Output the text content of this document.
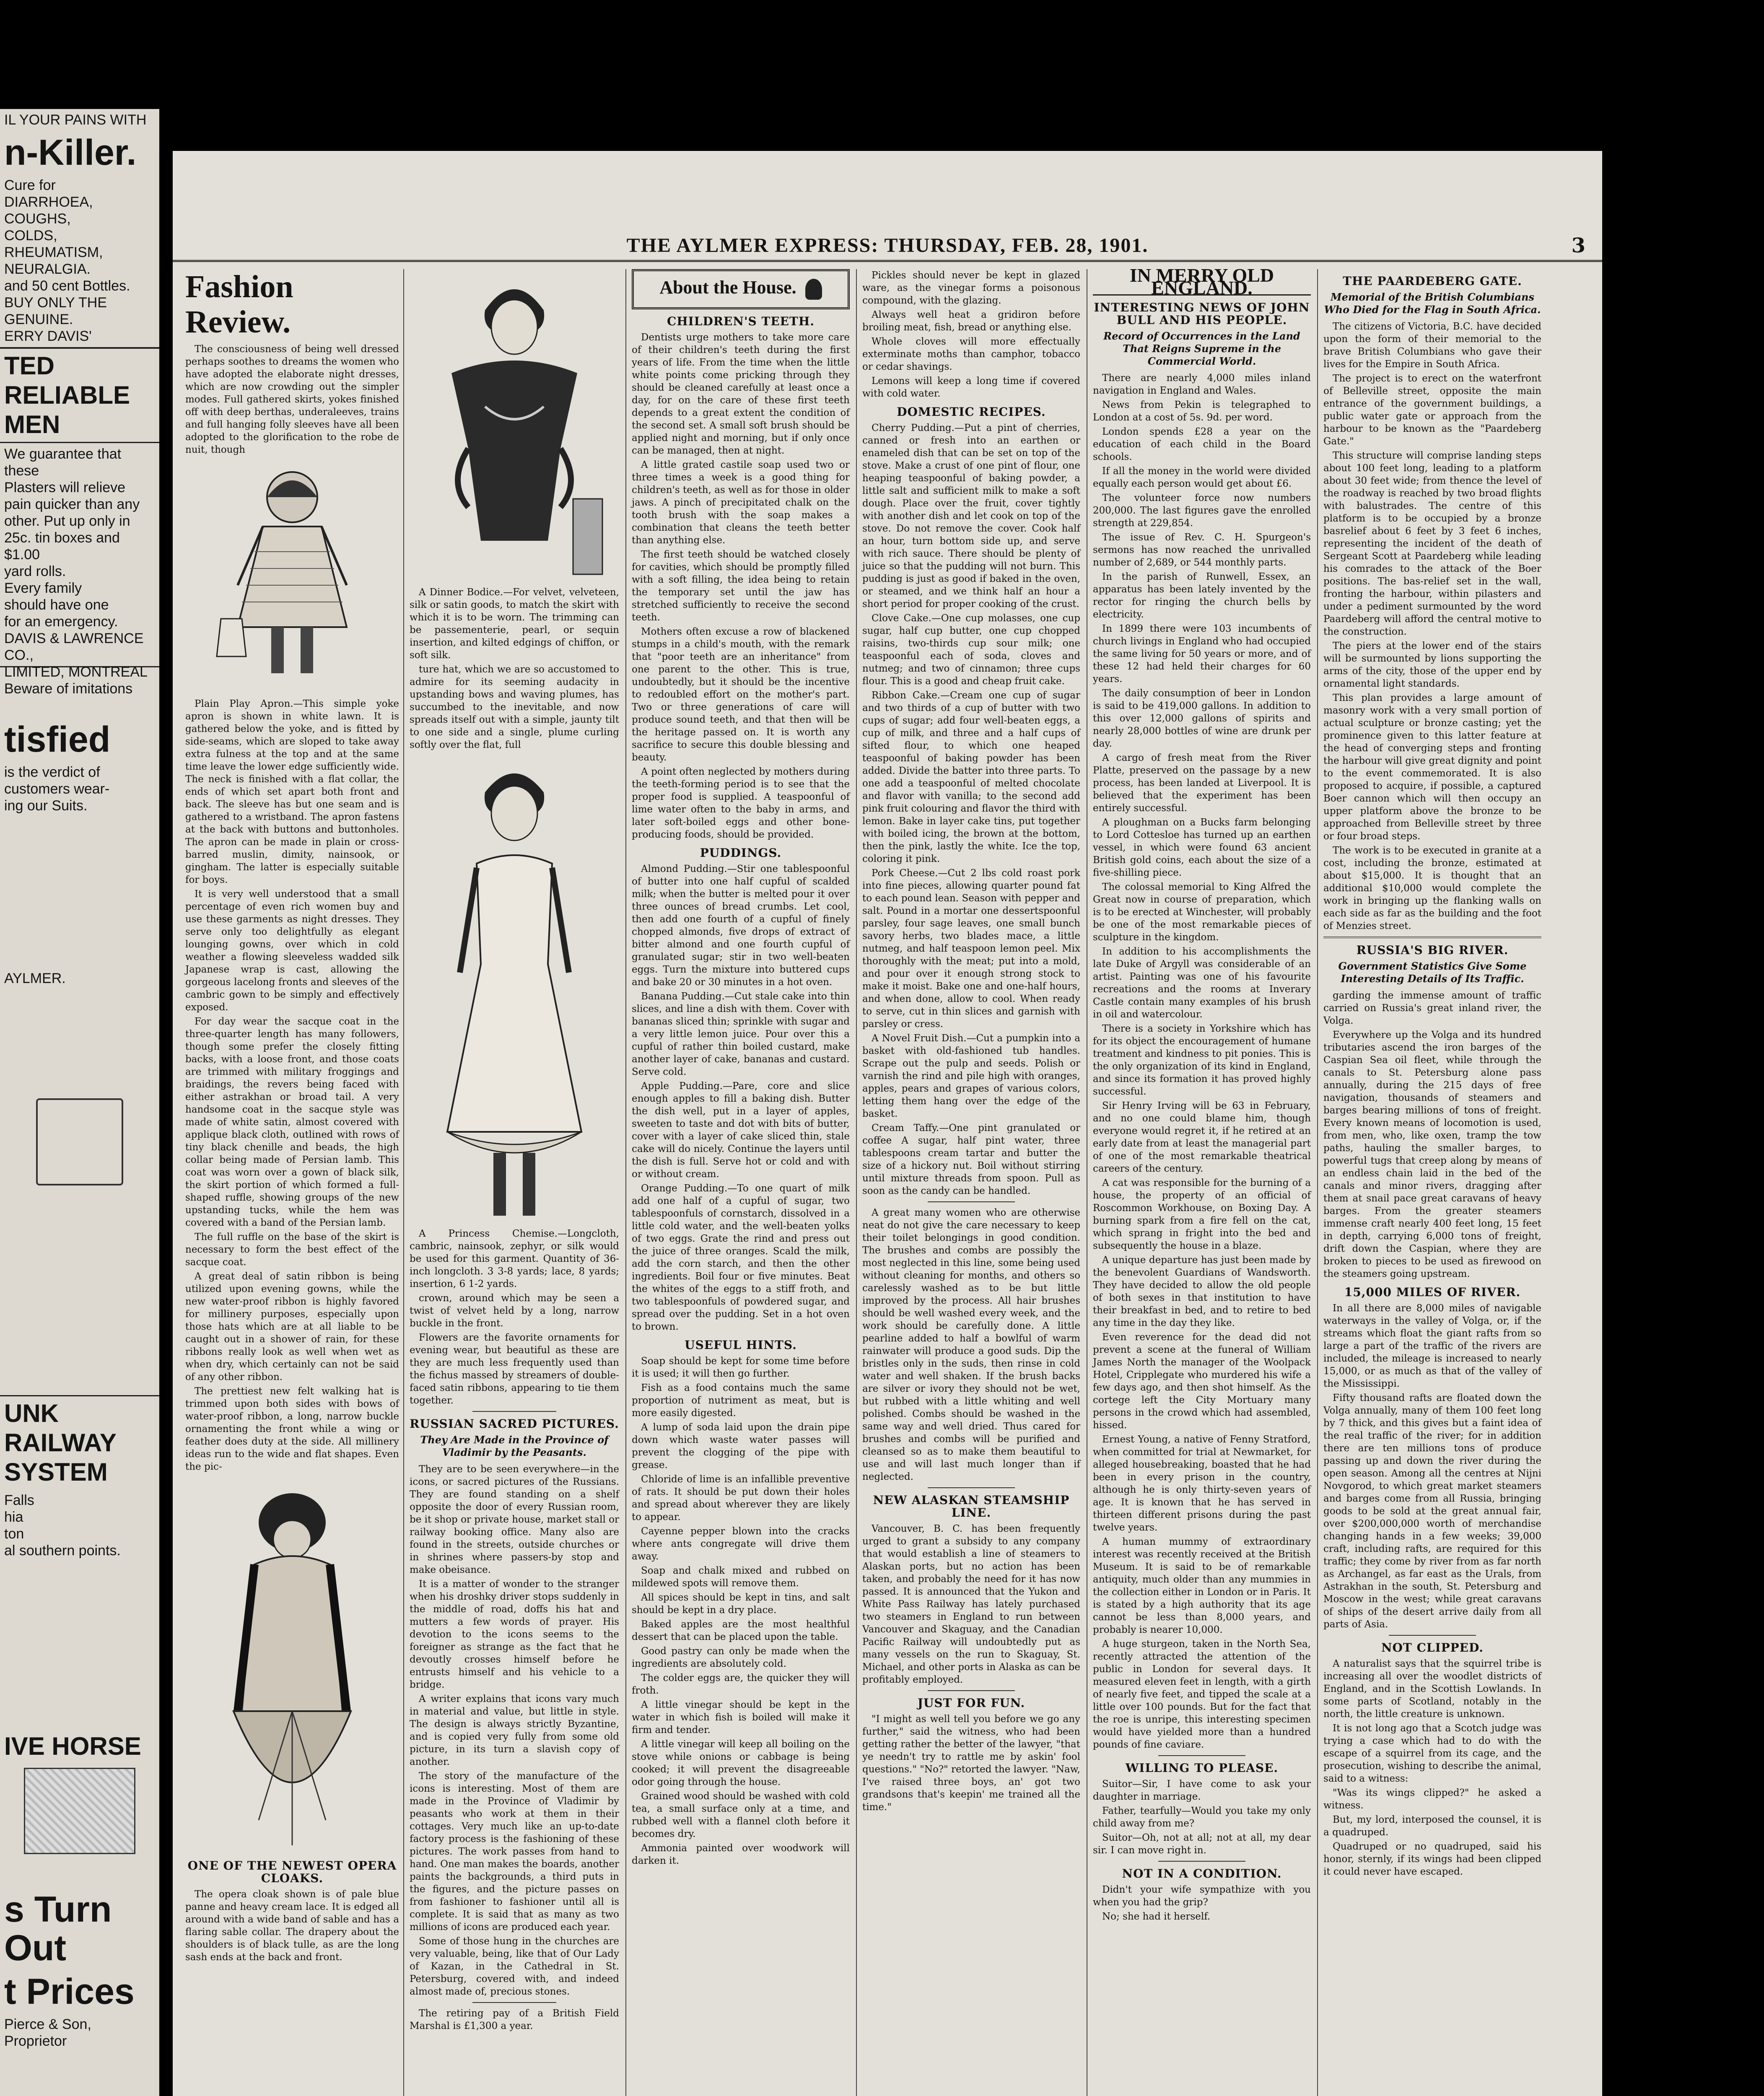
IL YOUR PAINS WITH
n-Killer.
Cure for
DIARRHOEA, COUGHS,
COLDS, RHEUMATISM,
NEURALGIA.
and 50 cent Bottles.
BUY ONLY THE GENUINE.
ERRY DAVIS'
TED RELIABLE MEN
We guarantee that these
Plasters will relieve
pain quicker than any
other. Put up only in
25c. tin boxes and $1.00
yard rolls.
Every family
should have one
for an emergency.
DAVIS & LAWRENCE CO.,
LIMITED, MONTREAL
Beware of imitations
tisfied
is the verdict of
customers wear-
ing our Suits.
AYLMER.
UNK RAILWAY SYSTEM
Falls
hia
ton
al southern points.
IVE HORSE
s Turn Out
t Prices
Pierce & Son,
Proprietor
THE AYLMER EXPRESS: THURSDAY, FEB. 28, 1901.	3
Fashion Review.

The consciousness of being well dressed perhaps soothes to dreams the women who have adopted the elaborate night dresses, which are now crowding out the simpler modes. Full gathered skirts, yokes finished off with deep berthas, underaleeves, trains and full hanging folly sleeves have all been adopted to the glorification to the robe de nuit, though

Plain Play Apron.—This simple yoke apron is shown in white lawn. It is gathered below the yoke, and is fitted by side-seams, which are sloped to take away extra fulness at the top and at the same time leave the lower edge sufficiently wide. The neck is finished with a flat collar, the ends of which set apart both front and back. The sleeve has but one seam and is gathered to a wristband. The apron fastens at the back with buttons and buttonholes. The apron can be made in plain or cross-barred muslin, dimity, nainsook, or gingham. The latter is especially suitable for boys.

It is very well understood that a small percentage of even rich women buy and use these garments as night dresses. They serve only too delightfully as elegant lounging gowns, over which in cold weather a flowing sleeveless wadded silk Japanese wrap is cast, allowing the gorgeous lacelong fronts and sleeves of the cambric gown to be simply and effectively exposed.

For day wear the sacque coat in the three-quarter length has many followers, though some prefer the closely fitting backs, with a loose front, and those coats are trimmed with military froggings and braidings, the revers being faced with either astrakhan or broad tail. A very handsome coat in the sacque style was made of white satin, almost covered with applique black cloth, outlined with rows of tiny black chenille and beads, the high collar being made of Persian lamb. This coat was worn over a gown of black silk, the skirt portion of which formed a full-shaped ruffle, showing groups of the new upstanding tucks, while the hem was covered with a band of the Persian lamb.

The full ruffle on the base of the skirt is necessary to form the best effect of the sacque coat.

A great deal of satin ribbon is being utilized upon evening gowns, while the new water-proof ribbon is highly favored for millinery purposes, especially upon those hats which are at all liable to be caught out in a shower of rain, for these ribbons really look as well when wet as when dry, which certainly can not be said of any other ribbon.

The prettiest new felt walking hat is trimmed upon both sides with bows of water-proof ribbon, a long, narrow buckle ornamenting the front while a wing or feather does duty at the side. All millinery ideas run to the wide and flat shapes. Even the pic-

ONE OF THE NEWEST OPERA CLOAKS.

The opera cloak shown is of pale blue panne and heavy cream lace. It is edged all around with a wide band of sable and has a flaring sable collar. The drapery about the shoulders is of black tulle, as are the long sash ends at the back and front.

A Dinner Bodice.—For velvet, velveteen, silk or satin goods, to match the skirt with which it is to be worn. The trimming can be passementerie, pearl, or sequin insertion, and kilted edgings of chiffon, or soft silk.

ture hat, which we are so accustomed to admire for its seeming audacity in upstanding bows and waving plumes, has succumbed to the inevitable, and now spreads itself out with a simple, jaunty tilt to one side and a single, plume curling softly over the flat, full

A Princess Chemise.—Longcloth, cambric, nainsook, zephyr, or silk would be used for this garment. Quantity of 36-inch longcloth. 3 3-8 yards; lace, 8 yards; insertion, 6 1-2 yards.

crown, around which may be seen a twist of velvet held by a long, narrow buckle in the front.

Flowers are the favorite ornaments for evening wear, but beautiful as these are they are much less frequently used than the fichus massed by streamers of double-faced satin ribbons, appearing to tie them together.

RUSSIAN SACRED PICTURES.
They Are Made in the Province of Vladimir by the Peasants.

They are to be seen everywhere—in the icons, or sacred pictures of the Russians. They are found standing on a shelf opposite the door of every Russian room, be it shop or private house, market stall or railway booking office. Many also are found in the streets, outside churches or in shrines where passers-by stop and make obeisance.

It is a matter of wonder to the stranger when his droshky driver stops suddenly in the middle of road, doffs his hat and mutters a few words of prayer. His devotion to the icons seems to the foreigner as strange as the fact that he devoutly crosses himself before he entrusts himself and his vehicle to a bridge.

A writer explains that icons vary much in material and value, but little in style. The design is always strictly Byzantine, and is copied very fully from some old picture, in its turn a slavish copy of another.

The story of the manufacture of the icons is interesting. Most of them are made in the Province of Vladimir by peasants who work at them in their cottages. Very much like an up-to-date factory process is the fashioning of these pictures. The work passes from hand to hand. One man makes the boards, another paints the backgrounds, a third puts in the figures, and the picture passes on from fashioner to fashioner until all is complete. It is said that as many as two millions of icons are produced each year.

Some of those hung in the churches are very valuable, being, like that of Our Lady of Kazan, in the Cathedral in St. Petersburg, covered with, and indeed almost made of, precious stones.

The retiring pay of a British Field Marshal is £1,300 a year.

About the House.
CHILDREN'S TEETH.

Dentists urge mothers to take more care of their children's teeth during the first years of life. From the time when the little white points come pricking through they should be cleaned carefully at least once a day, for on the care of these first teeth depends to a great extent the condition of the second set. A small soft brush should be applied night and morning, but if only once can be managed, then at night.

A little grated castile soap used two or three times a week is a good thing for children's teeth, as well as for those in older jaws. A pinch of precipitated chalk on the tooth brush with the soap makes a combination that cleans the teeth better than anything else.

The first teeth should be watched closely for cavities, which should be promptly filled with a soft filling, the idea being to retain the temporary set until the jaw has stretched sufficiently to receive the second teeth.

Mothers often excuse a row of blackened stumps in a child's mouth, with the remark that "poor teeth are an inheritance" from one parent to the other. This is true, undoubtedly, but it should be the incentive to redoubled effort on the mother's part. Two or three generations of care will produce sound teeth, and that then will be the heritage passed on. It is worth any sacrifice to secure this double blessing and beauty.

A point often neglected by mothers during the teeth-forming period is to see that the proper food is supplied. A teaspoonful of lime water often to the baby in arms, and later soft-boiled eggs and other bone-producing foods, should be provided.

PUDDINGS.

Almond Pudding.—Stir one tablespoonful of butter into one half cupful of scalded milk; when the butter is melted pour it over three ounces of bread crumbs. Let cool, then add one fourth of a cupful of finely chopped almonds, five drops of extract of bitter almond and one fourth cupful of granulated sugar; stir in two well-beaten eggs. Turn the mixture into buttered cups and bake 20 or 30 minutes in a hot oven.

Banana Pudding.—Cut stale cake into thin slices, and line a dish with them. Cover with bananas sliced thin; sprinkle with sugar and a very little lemon juice. Pour over this a cupful of rather thin boiled custard, make another layer of cake, bananas and custard. Serve cold.

Apple Pudding.—Pare, core and slice enough apples to fill a baking dish. Butter the dish well, put in a layer of apples, sweeten to taste and dot with bits of butter, cover with a layer of cake sliced thin, stale cake will do nicely. Continue the layers until the dish is full. Serve hot or cold and with or without cream.

Orange Pudding.—To one quart of milk add one half of a cupful of sugar, two tablespoonfuls of cornstarch, dissolved in a little cold water, and the well-beaten yolks of two eggs. Grate the rind and press out the juice of three oranges. Scald the milk, add the corn starch, and then the other ingredients. Boil four or five minutes. Beat the whites of the eggs to a stiff froth, and two tablespoonfuls of powdered sugar, and spread over the pudding. Set in a hot oven to brown.

USEFUL HINTS.

Soap should be kept for some time before it is used; it will then go further.

Fish as a food contains much the same proportion of nutriment as meat, but is more easily digested.

A lump of soda laid upon the drain pipe down which waste water passes will prevent the clogging of the pipe with grease.

Chloride of lime is an infallible preventive of rats. It should be put down their holes and spread about wherever they are likely to appear.

Cayenne pepper blown into the cracks where ants congregate will drive them away.

Soap and chalk mixed and rubbed on mildewed spots will remove them.

All spices should be kept in tins, and salt should be kept in a dry place.

Baked apples are the most healthful dessert that can be placed upon the table.

Good pastry can only be made when the ingredients are absolutely cold.

The colder eggs are, the quicker they will froth.

A little vinegar should be kept in the water in which fish is boiled will make it firm and tender.

A little vinegar will keep all boiling on the stove while onions or cabbage is being cooked; it will prevent the disagreeable odor going through the house.

Grained wood should be washed with cold tea, a small surface only at a time, and rubbed well with a flannel cloth before it becomes dry.

Ammonia painted over woodwork will darken it.

Pickles should never be kept in glazed ware, as the vinegar forms a poisonous compound, with the glazing.

Always well heat a gridiron before broiling meat, fish, bread or anything else.

Whole cloves will more effectually exterminate moths than camphor, tobacco or cedar shavings.

Lemons will keep a long time if covered with cold water.

DOMESTIC RECIPES.

Cherry Pudding.—Put a pint of cherries, canned or fresh into an earthen or enameled dish that can be set on top of the stove. Make a crust of one pint of flour, one heaping teaspoonful of baking powder, a little salt and sufficient milk to make a soft dough. Place over the fruit, cover tightly with another dish and let cook on top of the stove. Do not remove the cover. Cook half an hour, turn bottom side up, and serve with rich sauce. There should be plenty of juice so that the pudding will not burn. This pudding is just as good if baked in the oven, or steamed, and we think half an hour a short period for proper cooking of the crust.

Clove Cake.—One cup molasses, one cup sugar, half cup butter, one cup chopped raisins, two-thirds cup sour milk; one teaspoonful each of soda, cloves and nutmeg; and two of cinnamon; three cups flour. This is a good and cheap fruit cake.

Ribbon Cake.—Cream one cup of sugar and two thirds of a cup of butter with two cups of sugar; add four well-beaten eggs, a cup of milk, and three and a half cups of sifted flour, to which one heaped teaspoonful of baking powder has been added. Divide the batter into three parts. To one add a teaspoonful of melted chocolate and flavor with vanilla; to the second add pink fruit colouring and flavor the third with lemon. Bake in layer cake tins, put together with boiled icing, the brown at the bottom, then the pink, lastly the white. Ice the top, coloring it pink.

Pork Cheese.—Cut 2 lbs cold roast pork into fine pieces, allowing quarter pound fat to each pound lean. Season with pepper and salt. Pound in a mortar one dessertspoonful parsley, four sage leaves, one small bunch savory herbs, two blades mace, a little nutmeg, and half teaspoon lemon peel. Mix thoroughly with the meat; put into a mold, and pour over it enough strong stock to make it moist. Bake one and one-half hours, and when done, allow to cool. When ready to serve, cut in thin slices and garnish with parsley or cress.

A Novel Fruit Dish.—Cut a pumpkin into a basket with old-fashioned tub handles. Scrape out the pulp and seeds. Polish or varnish the rind and pile high with oranges, apples, pears and grapes of various colors, letting them hang over the edge of the basket.

Cream Taffy.—One pint granulated or coffee A sugar, half pint water, three tablespoons cream tartar and butter the size of a hickory nut. Boil without stirring until mixture threads from spoon. Pull as soon as the candy can be handled.

A great many women who are otherwise neat do not give the care necessary to keep their toilet belongings in good condition. The brushes and combs are possibly the most neglected in this line, some being used without cleaning for months, and others so carelessly washed as to be but little improved by the process. All hair brushes should be well washed every week, and the work should be carefully done. A little pearline added to half a bowlful of warm rainwater will produce a good suds. Dip the bristles only in the suds, then rinse in cold water and well shaken. If the brush backs are silver or ivory they should not be wet, but rubbed with a little whiting and well polished. Combs should be washed in the same way and well dried. Thus cared for brushes and combs will be purified and cleansed so as to make them beautiful to use and will last much longer than if neglected.

NEW ALASKAN STEAMSHIP LINE.

Vancouver, B. C. has been frequently urged to grant a subsidy to any company that would establish a line of steamers to Alaskan ports, but no action has been taken, and probably the need for it has now passed. It is announced that the Yukon and White Pass Railway has lately purchased two steamers in England to run between Vancouver and Skaguay, and the Canadian Pacific Railway will undoubtedly put as many vessels on the run to Skaguay, St. Michael, and other ports in Alaska as can be profitably employed.

JUST FOR FUN.

"I might as well tell you before we go any further," said the witness, who had been getting rather the better of the lawyer, "that ye needn't try to rattle me by askin' fool questions." "No?" retorted the lawyer. "Naw, I've raised three boys, an' got two grandsons that's keepin' me trained all the time."

IN MERRY OLD ENGLAND.
INTERESTING NEWS OF JOHN BULL AND HIS PEOPLE.
Record of Occurrences in the Land That Reigns Supreme in the Commercial World.

There are nearly 4,000 miles inland navigation in England and Wales.

News from Pekin is telegraphed to London at a cost of 5s. 9d. per word.

London spends £28 a year on the education of each child in the Board schools.

If all the money in the world were divided equally each person would get about £6.

The volunteer force now numbers 200,000. The last figures gave the enrolled strength at 229,854.

The issue of Rev. C. H. Spurgeon's sermons has now reached the unrivalled number of 2,689, or 544 monthly parts.

In the parish of Runwell, Essex, an apparatus has been lately invented by the rector for ringing the church bells by electricity.

In 1899 there were 103 incumbents of church livings in England who had occupied the same living for 50 years or more, and of these 12 had held their charges for 60 years.

The daily consumption of beer in London is said to be 419,000 gallons. In addition to this over 12,000 gallons of spirits and nearly 28,000 bottles of wine are drunk per day.

A cargo of fresh meat from the River Platte, preserved on the passage by a new process, has been landed at Liverpool. It is believed that the experiment has been entirely successful.

A ploughman on a Bucks farm belonging to Lord Cottesloe has turned up an earthen vessel, in which were found 63 ancient British gold coins, each about the size of a five-shilling piece.

The colossal memorial to King Alfred the Great now in course of preparation, which is to be erected at Winchester, will probably be one of the most remarkable pieces of sculpture in the kingdom.

In addition to his accomplishments the late Duke of Argyll was considerable of an artist. Painting was one of his favourite recreations and the rooms at Inverary Castle contain many examples of his brush in oil and watercolour.

There is a society in Yorkshire which has for its object the encouragement of humane treatment and kindness to pit ponies. This is the only organization of its kind in England, and since its formation it has proved highly successful.

Sir Henry Irving will be 63 in February, and no one could blame him, though everyone would regret it, if he retired at an early date from at least the managerial part of one of the most remarkable theatrical careers of the century.

A cat was responsible for the burning of a house, the property of an official of Roscommon Workhouse, on Boxing Day. A burning spark from a fire fell on the cat, which sprang in fright into the bed and subsequently the house in a blaze.

A unique departure has just been made by the benevolent Guardians of Wandsworth. They have decided to allow the old people of both sexes in that institution to have their breakfast in bed, and to retire to bed any time in the day they like.

Even reverence for the dead did not prevent a scene at the funeral of William James North the manager of the Woolpack Hotel, Cripplegate who murdered his wife a few days ago, and then shot himself. As the cortege left the City Mortuary many persons in the crowd which had assembled, hissed.

Ernest Young, a native of Fenny Stratford, when committed for trial at Newmarket, for alleged housebreaking, boasted that he had been in every prison in the country, although he is only thirty-seven years of age. It is known that he has served in thirteen different prisons during the past twelve years.

A human mummy of extraordinary interest was recently received at the British Museum. It is said to be of remarkable antiquity, much older than any mummies in the collection either in London or in Paris. It is stated by a high authority that its age cannot be less than 8,000 years, and probably is nearer 10,000.

A huge sturgeon, taken in the North Sea, recently attracted the attention of the public in London for several days. It measured eleven feet in length, with a girth of nearly five feet, and tipped the scale at a little over 100 pounds. But for the fact that the roe is unripe, this interesting specimen would have yielded more than a hundred pounds of fine caviare.

WILLING TO PLEASE.

Suitor—Sir, I have come to ask your daughter in marriage.

Father, tearfully—Would you take my only child away from me?

Suitor—Oh, not at all; not at all, my dear sir. I can move right in.

NOT IN A CONDITION.

Didn't your wife sympathize with you when you had the grip?

No; she had it herself.

THE PAARDEBERG GATE.
Memorial of the British Columbians Who Died for the Flag in South Africa.

The citizens of Victoria, B.C. have decided upon the form of their memorial to the brave British Columbians who gave their lives for the Empire in South Africa.

The project is to erect on the waterfront of Belleville street, opposite the main entrance of the government buildings, a public water gate or approach from the harbour to be known as the "Paardeberg Gate."

This structure will comprise landing steps about 100 feet long, leading to a platform about 30 feet wide; from thence the level of the roadway is reached by two broad flights with balustrades. The centre of this platform is to be occupied by a bronze basrelief about 6 feet by 3 feet 6 inches, representing the incident of the death of Sergeant Scott at Paardeberg while leading his comrades to the attack of the Boer positions. The bas-relief set in the wall, fronting the harbour, within pilasters and under a pediment surmounted by the word Paardeberg will afford the central motive to the construction.

The piers at the lower end of the stairs will be surmounted by lions supporting the arms of the city, those of the upper end by ornamental light standards.

This plan provides a large amount of masonry work with a very small portion of actual sculpture or bronze casting; yet the prominence given to this latter feature at the head of converging steps and fronting the harbour will give great dignity and point to the event commemorated. It is also proposed to acquire, if possible, a captured Boer cannon which will then occupy an upper platform above the bronze to be approached from Belleville street by three or four broad steps.

The work is to be executed in granite at a cost, including the bronze, estimated at about $15,000. It is thought that an additional $10,000 would complete the work in bringing up the flanking walls on each side as far as the building and the foot of Menzies street.

RUSSIA'S BIG RIVER.
Government Statistics Give Some Interesting Details of Its Traffic.

garding the immense amount of traffic carried on Russia's great inland river, the Volga.

Everywhere up the Volga and its hundred tributaries ascend the iron barges of the Caspian Sea oil fleet, while through the canals to St. Petersburg alone pass annually, during the 215 days of free navigation, thousands of steamers and barges bearing millions of tons of freight. Every known means of locomotion is used, from men, who, like oxen, tramp the tow paths, hauling the smaller barges, to powerful tugs that creep along by means of an endless chain laid in the bed of the canals and minor rivers, dragging after them at snail pace great caravans of heavy barges. From the greater steamers immense craft nearly 400 feet long, 15 feet in depth, carrying 6,000 tons of freight, drift down the Caspian, where they are broken to pieces to be used as firewood on the steamers going upstream.

15,000 MILES OF RIVER.

In all there are 8,000 miles of navigable waterways in the valley of Volga, or, if the streams which float the giant rafts from so large a part of the traffic of the rivers are included, the mileage is increased to nearly 15,000, or as much as that of the valley of the Mississippi.

Fifty thousand rafts are floated down the Volga annually, many of them 100 feet long by 7 thick, and this gives but a faint idea of the real traffic of the river; for in addition there are ten millions tons of produce passing up and down the river during the open season. Among all the centres at Nijni Novgorod, to which great market steamers and barges come from all Russia, bringing goods to be sold at the great annual fair, over $200,000,000 worth of merchandise changing hands in a few weeks; 39,000 craft, including rafts, are required for this traffic; they come by river from as far north as Archangel, as far east as the Urals, from Astrakhan in the south, St. Petersburg and Moscow in the west; while great caravans of ships of the desert arrive daily from all parts of Asia.

NOT CLIPPED.

A naturalist says that the squirrel tribe is increasing all over the woodlet districts of England, and in the Scottish Lowlands. In some parts of Scotland, notably in the north, the little creature is unknown.

It is not long ago that a Scotch judge was trying a case which had to do with the escape of a squirrel from its cage, and the prosecution, wishing to describe the animal, said to a witness:

"Was its wings clipped?" he asked a witness.

But, my lord, interposed the counsel, it is a quadruped.

Quadruped or no quadruped, said his honor, sternly, if its wings had been clipped it could never have escaped.
